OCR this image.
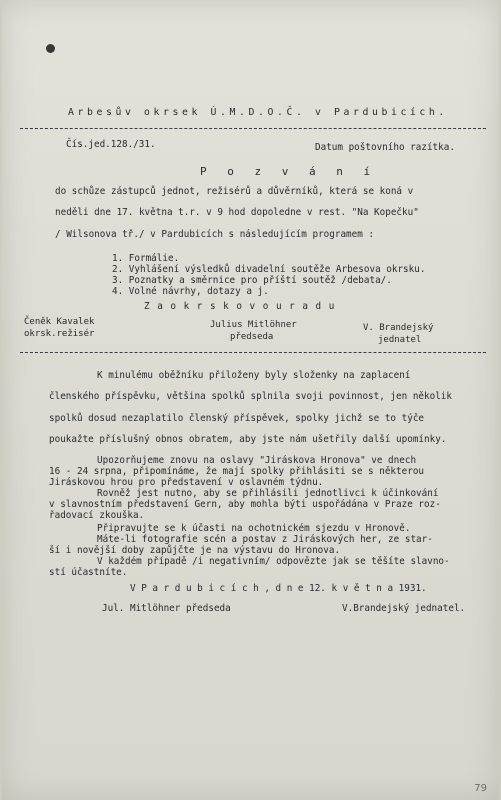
Arbesův okrsek Ú.M.D.O.Č. v Pardubicích.
Čís.jed.128./31.	Datum poštovního razítka.
P o z v á n í
do schůze zástupců jednot, režisérů a důvěrníků, která se koná v
neděli dne 17. května t.r. v 9 hod dopoledne v rest. "Na Kopečku"
/ Wilsonova tř./ v Pardubicích s následujícím programem :
1. Formálie.
2. Vyhlášení výsledků divadelní soutěže Arbesova okrsku.
3. Poznatky a směrnice pro příští soutěž /debata/.
4. Volné návrhy, dotazy a j.
Z a o k r s k o v o u r a d u
Čeněk Kavalek
okrsk.režisér
Julius Mitlöhner
předseda
V. Brandejský
jednatel
K minulému oběžníku přiloženy byly složenky na zaplacení
členského příspěvku, většina spolků splnila svoji povinnost, jen několik
spolků dosud nezaplatilo členský příspěvek, spolky jichž se to týče
poukažte příslušný obnos obratem, aby jste nám ušetřily další upomínky.
Upozorňujeme znovu na oslavy "Jiráskova Hronova" ve dnech
16 - 24 srpna, připomínáme, že mají spolky přihlásiti se s některou
Jiráskovou hrou pro představení v oslavném týdnu.
Rovněž jest nutno, aby se přihlásili jednotlivci k účinkování
v slavnostním představení Gern, aby mohla býti uspořádána v Praze roz-
řadovací zkouška.
Připravujte se k účasti na ochotnickém sjezdu v Hronově.
Máte-li fotografie scén a postav z Jiráskových her, ze star-
ší i novější doby zapůjčte je na výstavu do Hronova.
V každém případě /i negativním/ odpovězte jak se těšíte slavno-
stí účastníte.
V P a r d u b i c í c h , d n e 12. k v ě t n a 1931.
Jul. Mitlöhner předseda	V.Brandejský jednatel.
79
